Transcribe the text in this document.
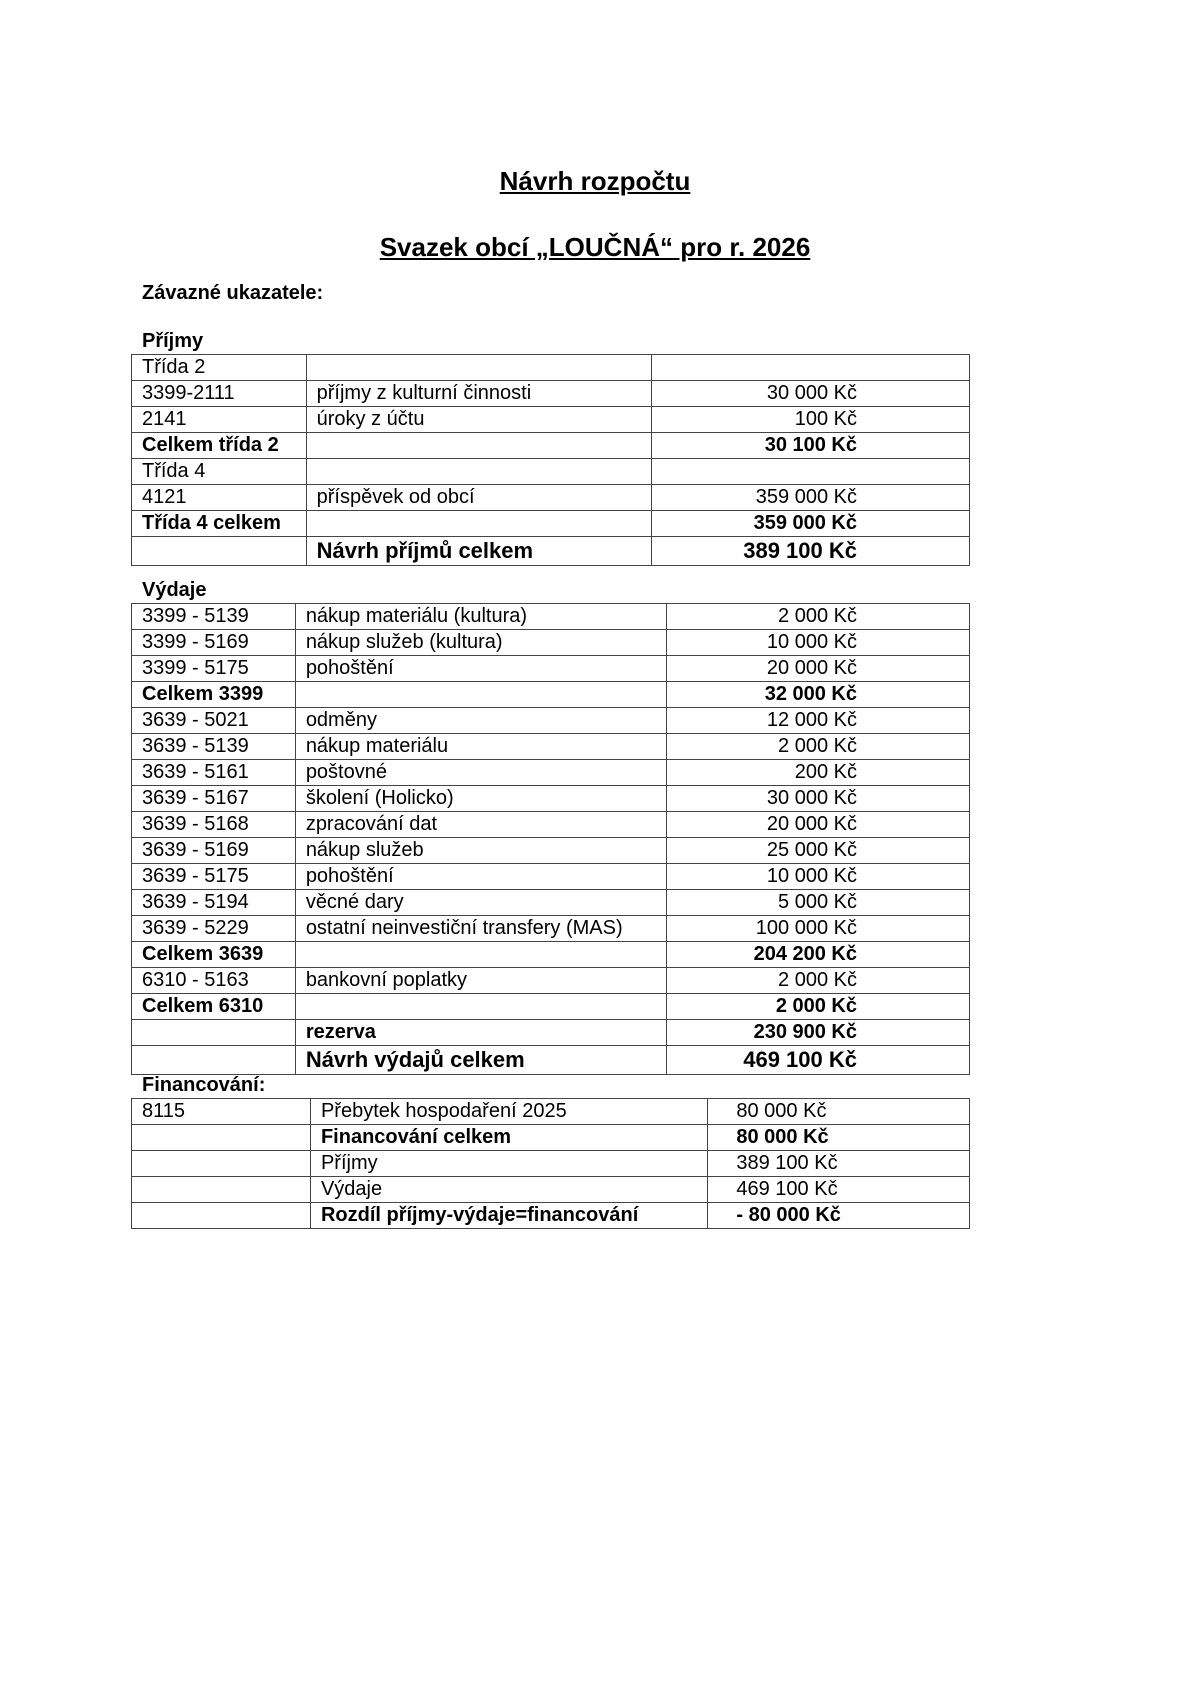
Návrh rozpočtu
Svazek obcí „LOUČNÁ“ pro r. 2026
Závazné ukazatele:
Příjmy
Třída 2		
3399-2111	příjmy z kulturní činnosti	30 000 Kč
2141	úroky z účtu	100 Kč
Celkem třída 2		30 100 Kč
Třída 4		
4121	příspěvek od obcí	359 000 Kč
Třída 4 celkem		359 000 Kč
	Návrh příjmů celkem	389 100 Kč
Výdaje
3399 - 5139	nákup materiálu (kultura)	2 000 Kč
3399 - 5169	nákup služeb (kultura)	10 000 Kč
3399 - 5175	pohoštění	20 000 Kč
Celkem 3399		32 000 Kč
3639 - 5021	odměny	12 000 Kč
3639 - 5139	nákup materiálu	2 000 Kč
3639 - 5161	poštovné	200 Kč
3639 - 5167	školení (Holicko)	30 000 Kč
3639 - 5168	zpracování dat	20 000 Kč
3639 - 5169	nákup služeb	25 000 Kč
3639 - 5175	pohoštění	10 000 Kč
3639 - 5194	věcné dary	5 000 Kč
3639 - 5229	ostatní neinvestiční transfery (MAS)	100 000 Kč
Celkem 3639		204 200 Kč
6310 - 5163	bankovní poplatky	2 000 Kč
Celkem 6310		2 000 Kč
	rezerva	230 900 Kč
	Návrh výdajů celkem	469 100 Kč
Financování:
8115	Přebytek hospodaření 2025	80 000 Kč
	Financování celkem	80 000 Kč
	Příjmy	389 100 Kč
	Výdaje	469 100 Kč
	Rozdíl příjmy-výdaje=financování	- 80 000 Kč
